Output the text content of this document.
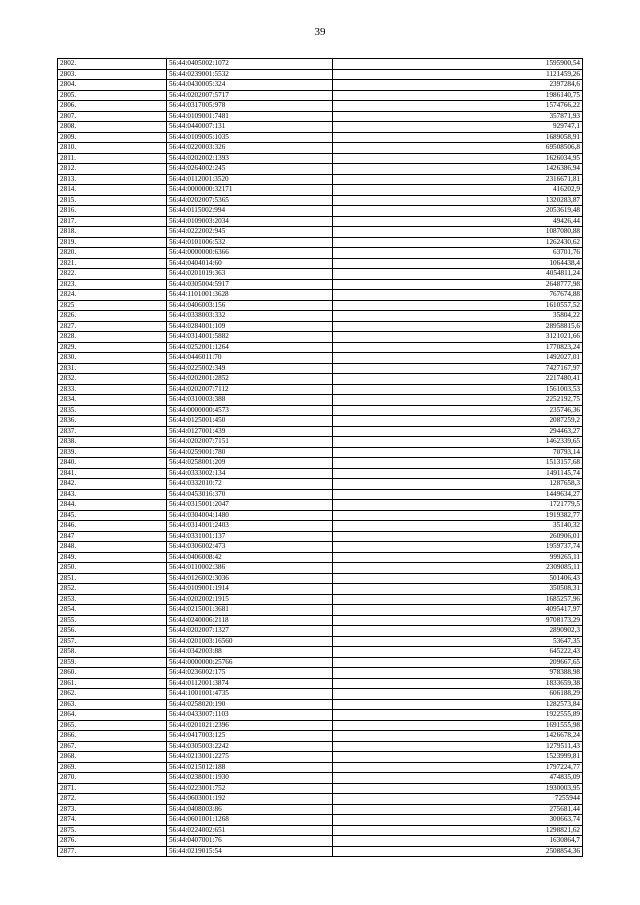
39
2802.	56:44:0405002:1072	1595900,54
2803.	56:44:0239001:5532	1121459,26
2804.	56:44:0430005:324	2397284,6
2805.	56:44:0202007:5717	1986140,75
2806.	56:44:0317005:978	1574766,22
2807.	56:44:0109001:7481	357871,93
2808.	56:44:0440007:131	929747,1
2809.	56:44:0109005:1035	1689058,91
2810.	56:44:0220003:326	69508506,8
2811.	56:44:0202002:1393	1626034,95
2812.	56:44:0264002:245	1426386,94
2813.	56:44:0112001:3520	2316671,81
2814.	56:44:0000000:32171	416202,9
2815.	56:44:0202007:5365	1320283,87
2816.	56:44:0115002:994	2053619,48
2817.	56:44:0109003:2034	49426,44
2818.	56:44:0222002:945	1087080,88
2819.	56:44:0101006:532	1262430,62
2820.	56:44:0000000:6366	63701,76
2821.	56:44:0404014:60	1064438,4
2822.	56:44:0201019:363	4054811,24
2823.	56:44:0305004:5917	2648777,98
2824.	56:44:1101001:3628	767674,88
2825	56:44:0406003:156	1610557,52
2826.	56:44:0338003:332	35804,22
2827.	56:44:0284001:109	28958815,6
2828.	56:44:0314001:5882	3121021,66
2829.	56:44:0252001:1264	1770823,24
2830.	56:44:0446011:70	1492027,01
2831.	56:44:0225002:349	7427167,97
2832.	56:44:0202001:2852	2217480,41
2833.	56:44:0202007:7112	1561003,53
2834.	56:44:0310003:388	2252192,75
2835.	56:44:0000000:4573	235746,36
2836.	56:44:0125001:450	2087259,2
2837.	56:44:0127001:439	294463,27
2838.	56:44:0202007:7151	1462339,65
2839.	56:44:0259001:780	70793,14
2840.	56:44:0258001:209	1513157,68
2841.	56:44:0333002:134	1491145,74
2842.	56:44:0332010:72	1287658,3
2843.	56:44:0453016:370	1449634,27
2844.	56:44:0315001:2047	1721779,5
2845.	56:44:0304004:1480	1919382,77
2846.	56:44:0314001:2403	35140,32
2847	56:44:0331001:137	260906,01
2848.	56:44:0306002:473	1959737,74
2849.	56:44:0406008:42	999265,11
2850.	56:44:0110002:386	2309085,11
2851.	56:44:0126002:3036	501406,43
2852.	56:44:0109001:1914	350508,31
2853.	56:44:0202002:1915	1685257,96
2854.	56:44:0215001:3681	4095417,97
2855.	56:44:0240006:2118	9708173,29
2856.	56:44:0202007:1327	2890902,3
2857.	56:44:0201003:16560	53647,35
2858.	56:44:0342003:88	645222,43
2859.	56:44:0000000:25766	209667,65
2860.	56:44:0236002:175	978388,98
2861.	56:44:0112001:3874	1833659,38
2862.	56:44:1001001:4735	606188,29
2863.	56:44:0258020:190	1282573,84
2864.	56:44:0433007:1103	1922555,89
2865.	56:44:0201021:2396	1691555,98
2866.	56:44:0417003:125	1426678,24
2867.	56:44:0305003:2242	1279511,43
2868.	56:44:0213001:2275	1523999,81
2869.	56:44:0215012:188	1797224,77
2870.	56:44:0238001:1930	474835,09
2871.	56:44:0223001:752	1930003,95
2872.	56:44:0603001:192	7255944
2873.	56:44:0408003:86	275681,44
2874.	56:44:0601001:1268	300663,74
2875.	56:44:0224002:651	1298821,62
2876.	56:44:0407001:76	1630864,7
2877.	56:44:0219015:54	2508854,36
